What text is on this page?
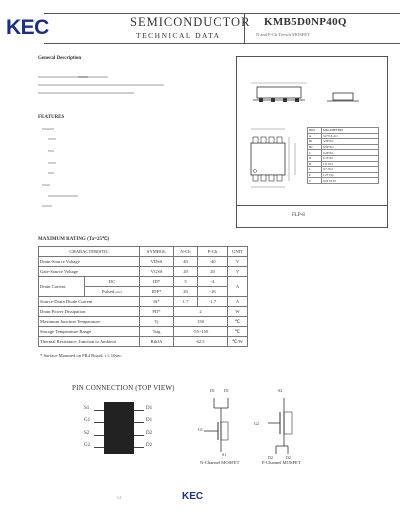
KEC	SEMICONDUCTOR
TECHNICAL DATA
KMB5D0NP40Q
N and P-Ch Trench MOSFET
General Description
FEATURES
DIM	MILLIMETERS
A	5.0+0.2/-0.1
B1	3.90±0.1
B2	6.00±0.2
C	0.40±0.1
D	0.15±0.1
H	1.6 ±0.2
L	0.7 ±0.2
P	1.27 Typ
T	0.20 ±0.05
FLP-8
MAXIMUM RATING (Ta=25℃)
CHARACTERISTIC		SYMBOL	N-Ch	P-Ch	UNIT
Drain-Source Voltage		VDSS	40	-40	V
Gate-Source Voltage		VGSS	20	20	V
Drain Current	DC	ID*	5	-4	A
	Pulsed note1	IDP*	20	-16	
Source-Drain Diode Current		IS*	1.7	-1.7	A
Drain Power Dissipation		PD*	2		W
Maximum Junction Temperature		Tj	150		℃
Storage Temperature Range		Tstg	-55~150		℃
Thermal Resistance, Junction to Ambient		RthJA	62.5		℃/W
* Surface Mounted on FR4 Board, t ≤ 10sec.
PIN CONNECTION (TOP VIEW)
S1
G1
S2
G2
D1
D1
D2
D2
D1 D1
G1
S1
N-Channel MOSFET
S2
G2
D2	D2
P-Channel MOSFET
1/4	KEC
